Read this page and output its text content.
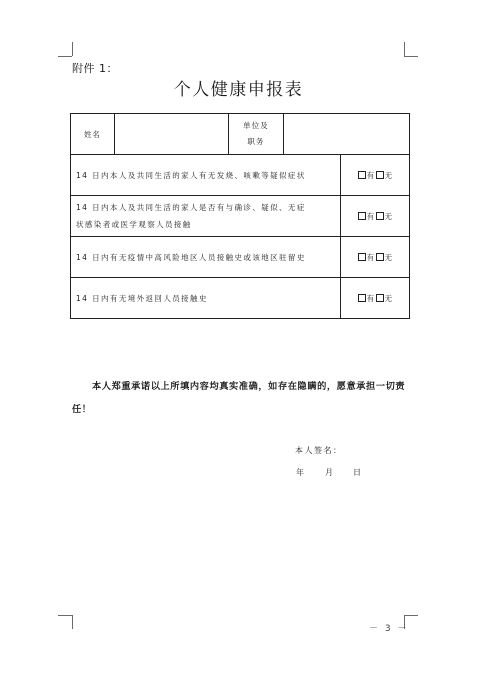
附件 1：
个人健康申报表
姓名		单位及
职务		

14 日内本人及共同生活的家人有无发烧、咳嗽等疑似症状				有 无

14 日内本人及共同生活的家人是否有与确诊、疑似、无症
状感染者或医学观察人员接触				有 无

14 日内有无疫情中高风险地区人员接触史或该地区驻留史				有 无

14 日内有无境外返回人员接触史				有 无
本人郑重承诺以上所填内容均真实准确，如存在隐瞒的，愿意承担一切责任！
本人签名：
年	月	日
－ 3 －
